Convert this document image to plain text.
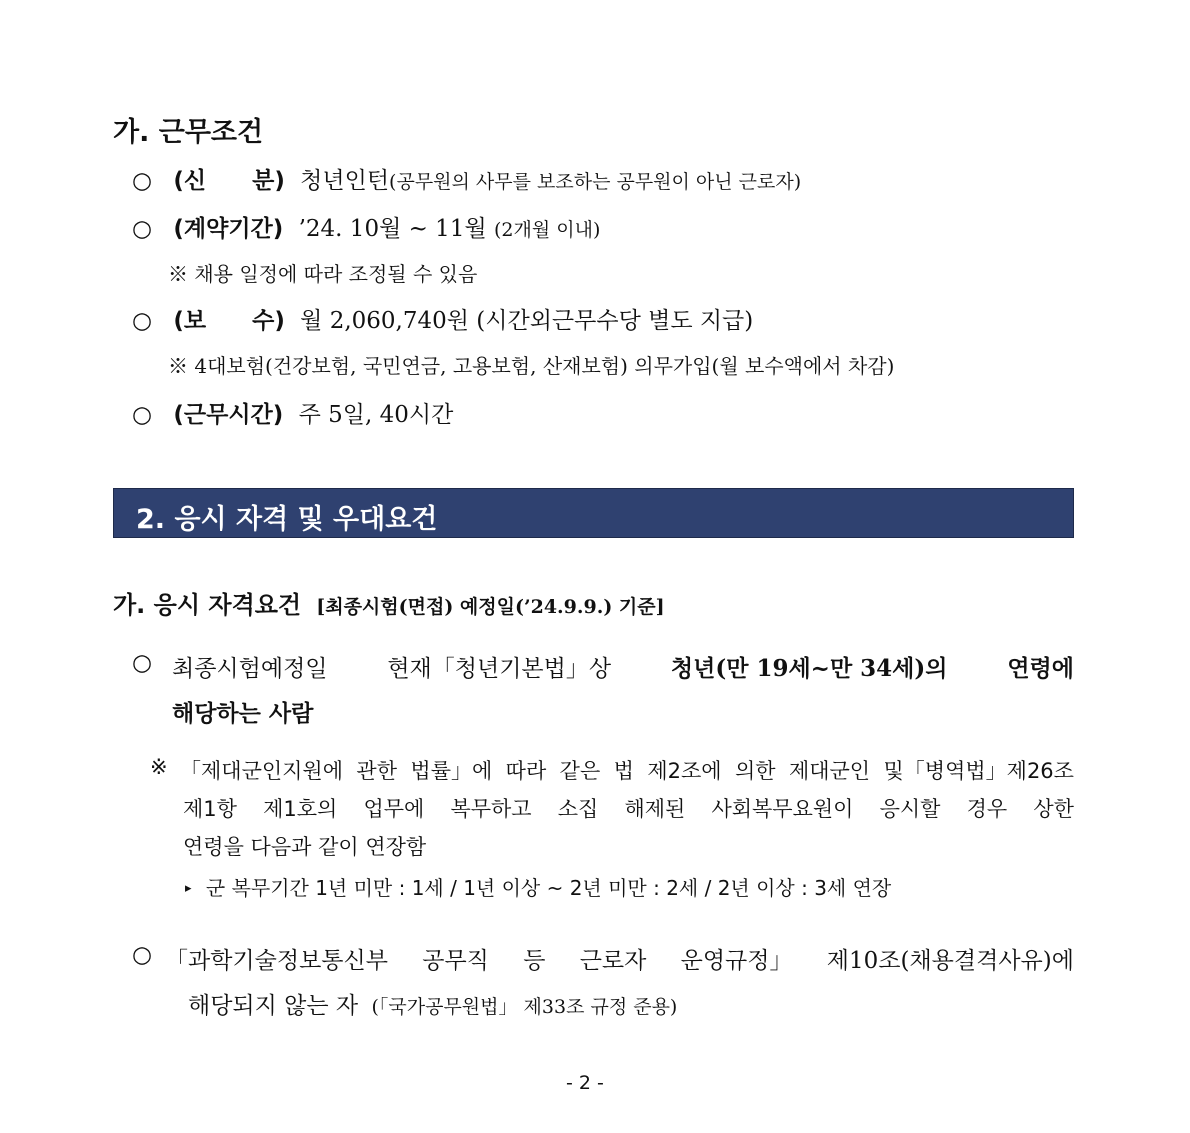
가. 근무조건
○ (신　　분) 청년인턴(공무원의 사무를 보조하는 공무원이 아닌 근로자)
○ (계약기간) ’24. 10월 ~ 11월 (2개월 이내)
※ 채용 일정에 따라 조정될 수 있음
○ (보　　수) 월 2,060,740원 (시간외근무수당 별도 지급)
※ 4대보험(건강보험, 국민연금, 고용보험, 산재보험) 의무가입(월 보수액에서 차감)
○ (근무시간) 주 5일, 40시간
2. 응시 자격 및 우대요건
가. 응시 자격요건 [최종시험(면접) 예정일(’24.9.9.) 기준]
○ 최종시험예정일	현재「청년기본법」상	청년(만 19세~만 34세)의	연령에
해당하는 사람
※ 「제대군인지원에 관한 법률」에 따라 같은 법 제2조에 의한 제대군인 및「병역법」제26조
제1항 제1호의 업무에 복무하고 소집 해제된 사회복무요원이 응시할 경우 상한
연령을 다음과 같이 연장함
▸ 군 복무기간 1년 미만 : 1세 / 1년 이상 ~ 2년 미만 : 2세 / 2년 이상 : 3세 연장
○ 「과학기술정보통신부 공무직 등 근로자 운영규정」 제10조(채용결격사유)에
해당되지 않는 자 (「국가공무원법」 제33조 규정 준용)
- 2 -
